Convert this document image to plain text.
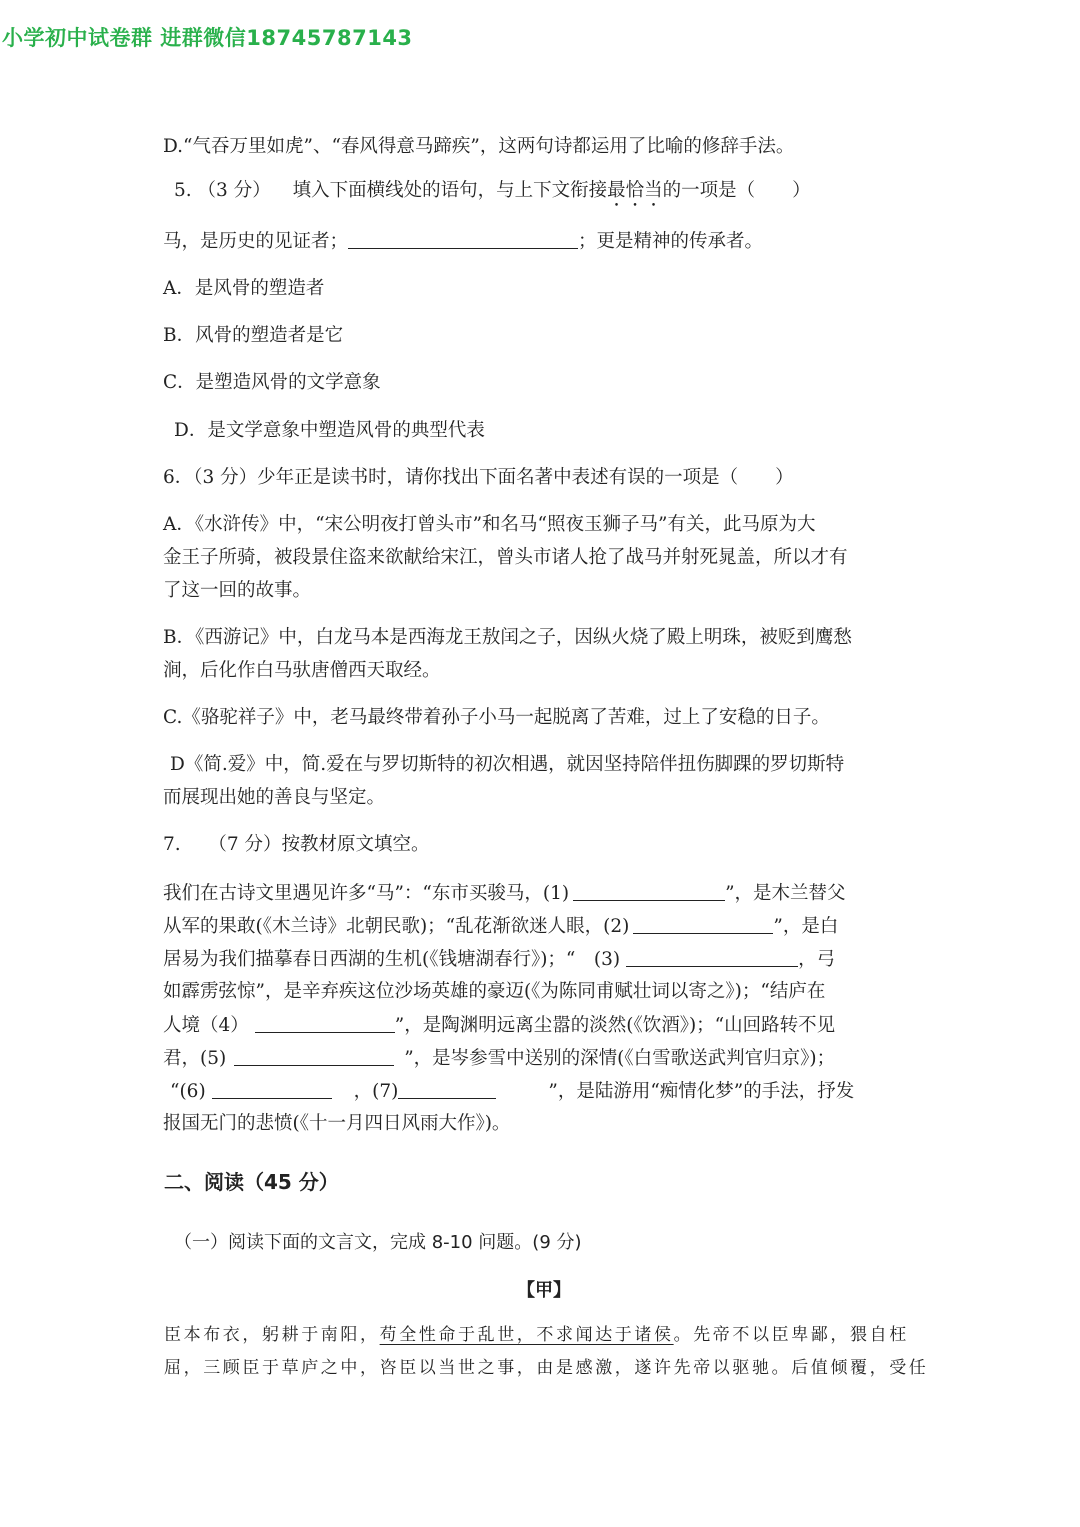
小学初中试卷群 进群微信18745787143
D.“气吞万里如虎”、“春风得意马蹄疾”，这两句诗都运用了比喻的修辞手法。
5. （3 分） 填入下面横线处的语句，与上下文衔接最恰当的一项是（　　）
马，是历史的见证者；	；更是精神的传承者。
A．是风骨的塑造者
B．风骨的塑造者是它
C．是塑造风骨的文学意象
D．是文学意象中塑造风骨的典型代表
6．（3 分）少年正是读书时，请你找出下面名著中表述有误的一项是（　　）
A．《水浒传》中，“宋公明夜打曾头市”和名马“照夜玉狮子马”有关，此马原为大
金王子所骑，被段景住盗来欲献给宋江，曾头市诸人抢了战马并射死晁盖，所以才有
了这一回的故事。
B．《西游记》中，白龙马本是西海龙王敖闰之子，因纵火烧了殿上明珠，被贬到鹰愁
涧，后化作白马驮唐僧西天取经。
C.《骆驼祥子》中，老马最终带着孙子小马一起脱离了苦难，过上了安稳的日子。
D《简.爱》中，简.爱在与罗切斯特的初次相遇，就因坚持陪伴扭伤脚踝的罗切斯特
而展现出她的善良与坚定。
7.　　（7 分）按教材原文填空。
我们在古诗文里遇见许多“马”：“东市买骏马，(1)	”，是木兰替父
从军的果敢(《木兰诗》北朝民歌)；“乱花渐欲迷人眼，(2)	”，是白
居易为我们描摹春日西湖的生机(《钱塘湖春行》)；“　(3)	，弓
如霹雳弦惊”，是辛弃疾这位沙场英雄的豪迈(《为陈同甫赋壮词以寄之》)；“结庐在
人境（4）	”，是陶渊明远离尘嚣的淡然(《饮酒》)；“山回路转不见
君，(5)	”，是岑参雪中送别的深情(《白雪歌送武判官归京》)；
“(6)	，(7)	”，是陆游用“痴情化梦”的手法，抒发
报国无门的悲愤(《十一月四日风雨大作》)。
二、阅读（45 分）
（一）阅读下面的文言文，完成 8-10 问题。(9 分)
【甲】
臣本布衣，躬耕于南阳，苟全性命于乱世，不求闻达于诸侯。先帝不以臣卑鄙，猥自枉
屈，三顾臣于草庐之中，咨臣以当世之事，由是感激，遂许先帝以驱驰。后值倾覆，受任
